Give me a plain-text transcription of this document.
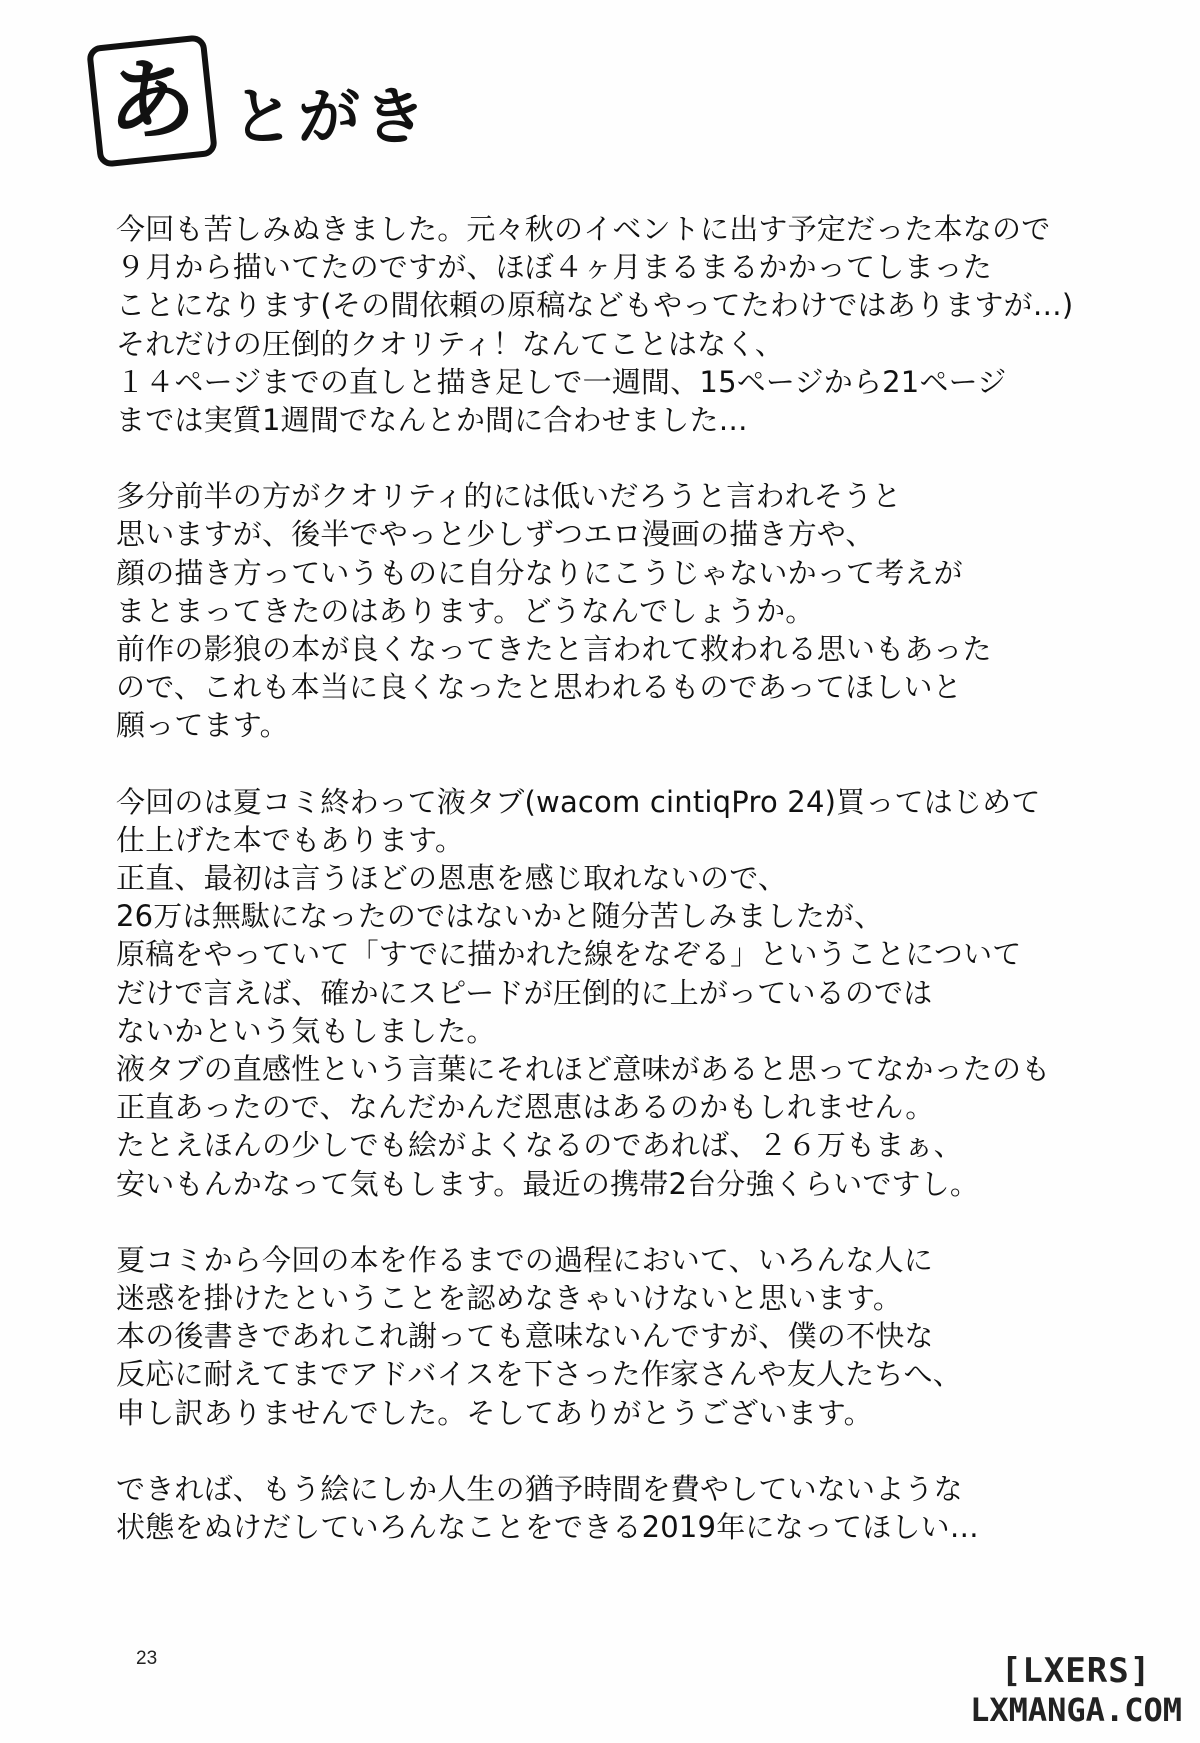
あ とがき
今回も苦しみぬきました。元々秋のイベントに出す予定だった本なので
９月から描いてたのですが、ほぼ４ヶ月まるまるかかってしまった
ことになります(その間依頼の原稿などもやってたわけではありますが…)
それだけの圧倒的クオリティ！なんてことはなく、
１４ページまでの直しと描き足しで一週間、15ページから21ページ
までは実質1週間でなんとか間に合わせました…
多分前半の方がクオリティ的には低いだろうと言われそうと
思いますが、後半でやっと少しずつエロ漫画の描き方や、
顔の描き方っていうものに自分なりにこうじゃないかって考えが
まとまってきたのはあります。どうなんでしょうか。
前作の影狼の本が良くなってきたと言われて救われる思いもあった
ので、これも本当に良くなったと思われるものであってほしいと
願ってます。
今回のは夏コミ終わって液タブ(wacom cintiqPro 24)買ってはじめて
仕上げた本でもあります。
正直、最初は言うほどの恩恵を感じ取れないので、
26万は無駄になったのではないかと随分苦しみましたが、
原稿をやっていて「すでに描かれた線をなぞる」ということについて
だけで言えば、確かにスピードが圧倒的に上がっているのでは
ないかという気もしました。
液タブの直感性という言葉にそれほど意味があると思ってなかったのも
正直あったので、なんだかんだ恩恵はあるのかもしれません。
たとえほんの少しでも絵がよくなるのであれば、２６万もまぁ、
安いもんかなって気もします。最近の携帯2台分強くらいですし。
夏コミから今回の本を作るまでの過程において、いろんな人に
迷惑を掛けたということを認めなきゃいけないと思います。
本の後書きであれこれ謝っても意味ないんですが、僕の不快な
反応に耐えてまでアドバイスを下さった作家さんや友人たちへ、
申し訳ありませんでした。そしてありがとうございます。
できれば、もう絵にしか人生の猶予時間を費やしていないような
状態をぬけだしていろんなことをできる2019年になってほしい…
23	[LXERS]
LXMANGA.COM
